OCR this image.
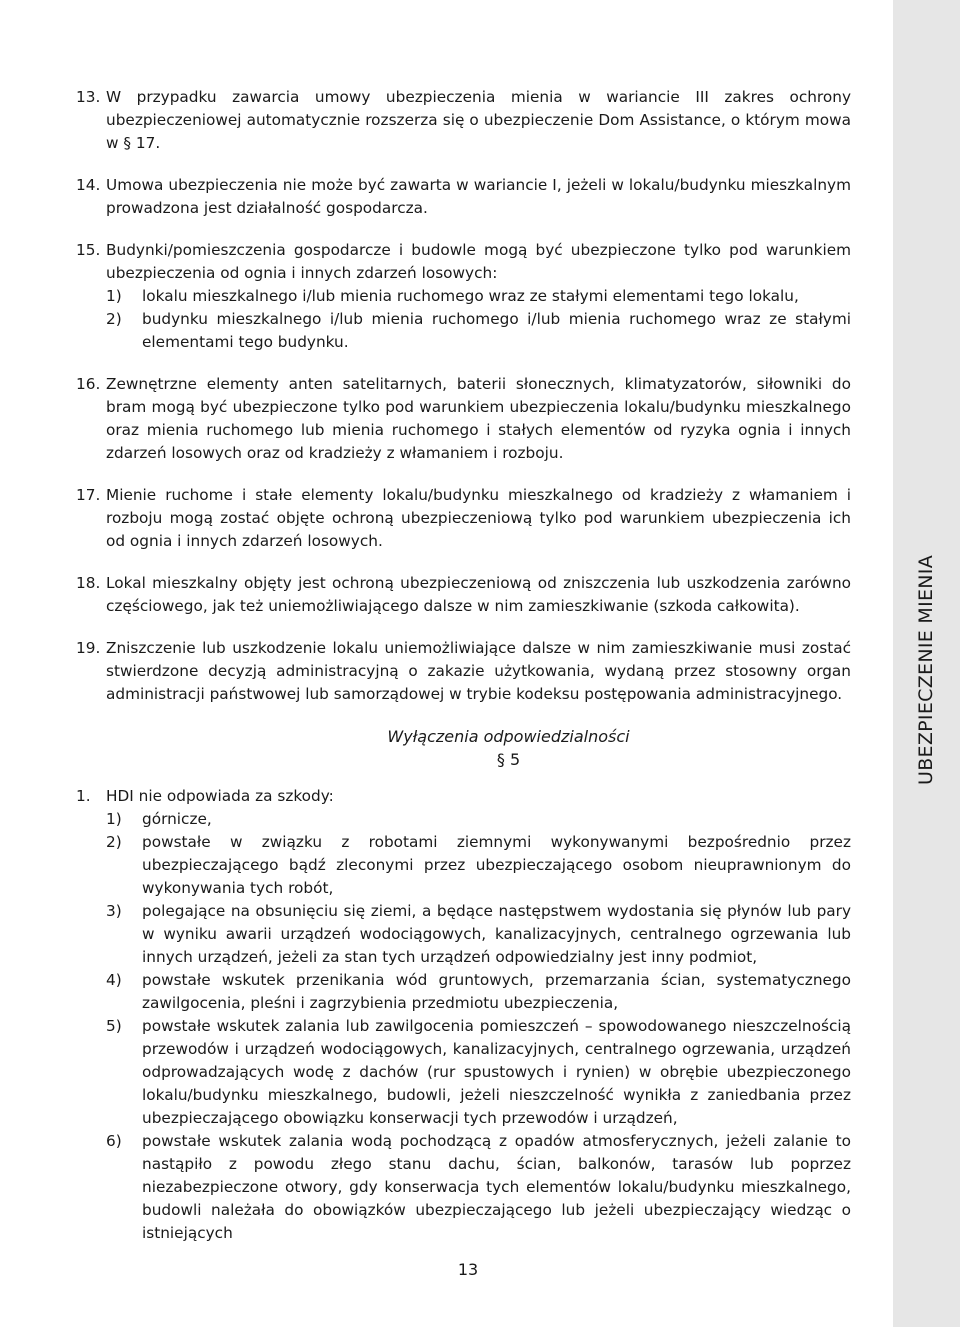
UBEZPIECZENIE MIENIA
13. W przypadku zawarcia umowy ubezpieczenia mienia w wariancie III zakres ochrony ubezpieczeniowej automatycznie rozszerza się o ubezpieczenie Dom Assistance, o którym mowa w § 17.
14. Umowa ubezpieczenia nie może być zawarta w wariancie I, jeżeli w lokalu/budynku mieszkalnym prowadzona jest działalność gospodarcza.
15. Budynki/pomieszczenia gospodarcze i budowle mogą być ubezpieczone tylko pod warunkiem ubezpieczenia od ognia i innych zdarzeń losowych:
1) lokalu mieszkalnego i/lub mienia ruchomego wraz ze stałymi elementami tego lokalu,
2) budynku mieszkalnego i/lub mienia ruchomego i/lub mienia ruchomego wraz ze stałymi elementami tego budynku.
16. Zewnętrzne elementy anten satelitarnych, baterii słonecznych, klimatyzatorów, siłowniki do bram mogą być ubezpieczone tylko pod warunkiem ubezpieczenia lokalu/budynku mieszkalnego oraz mienia ruchomego lub mienia ruchomego i stałych elementów od ryzyka ognia i innych zdarzeń losowych oraz od kradzieży z włamaniem i rozboju.
17. Mienie ruchome i stałe elementy lokalu/budynku mieszkalnego od kradzieży z włamaniem i rozboju mogą zostać objęte ochroną ubezpieczeniową tylko pod warunkiem ubezpieczenia ich od ognia i innych zdarzeń losowych.
18. Lokal mieszkalny objęty jest ochroną ubezpieczeniową od zniszczenia lub uszkodzenia zarówno częściowego, jak też uniemożliwiającego dalsze w nim zamieszkiwanie (szkoda całkowita).
19. Zniszczenie lub uszkodzenie lokalu uniemożliwiające dalsze w nim zamieszkiwanie musi zostać stwierdzone decyzją administracyjną o zakazie użytkowania, wydaną przez stosowny organ administracji państwowej lub samorządowej w trybie kodeksu postępowania administracyjnego.
Wyłączenia odpowiedzialności
§ 5
1. HDI nie odpowiada za szkody:
1) górnicze,
2) powstałe w związku z robotami ziemnymi wykonywanymi bezpośrednio przez ubezpieczającego bądź zleconymi przez ubezpieczającego osobom nieuprawnionym do wykonywania tych robót,
3) polegające na obsunięciu się ziemi, a będące następstwem wydostania się płynów lub pary w wyniku awarii urządzeń wodociągowych, kanalizacyjnych, centralnego ogrzewania lub innych urządzeń, jeżeli za stan tych urządzeń odpowiedzialny jest inny podmiot,
4) powstałe wskutek przenikania wód gruntowych, przemarzania ścian, systematycznego zawilgocenia, pleśni i zagrzybienia przedmiotu ubezpieczenia,
5) powstałe wskutek zalania lub zawilgocenia pomieszczeń – spowodowanego nieszczelnością przewodów i urządzeń wodociągowych, kanalizacyjnych, centralnego ogrzewania, urządzeń odprowadzających wodę z dachów (rur spustowych i rynien) w obrębie ubezpieczonego lokalu/budynku mieszkalnego, budowli, jeżeli nieszczelność wynikła z zaniedbania przez ubezpieczającego obowiązku konserwacji tych przewodów i urządzeń,
6) powstałe wskutek zalania wodą pochodzącą z opadów atmosferycznych, jeżeli zalanie to nastąpiło z powodu złego stanu dachu, ścian, balkonów, tarasów lub poprzez niezabezpieczone otwory, gdy konserwacja tych elementów lokalu/budynku mieszkalnego, budowli należała do obowiązków ubezpieczającego lub jeżeli ubezpieczający wiedząc o istniejących
13
